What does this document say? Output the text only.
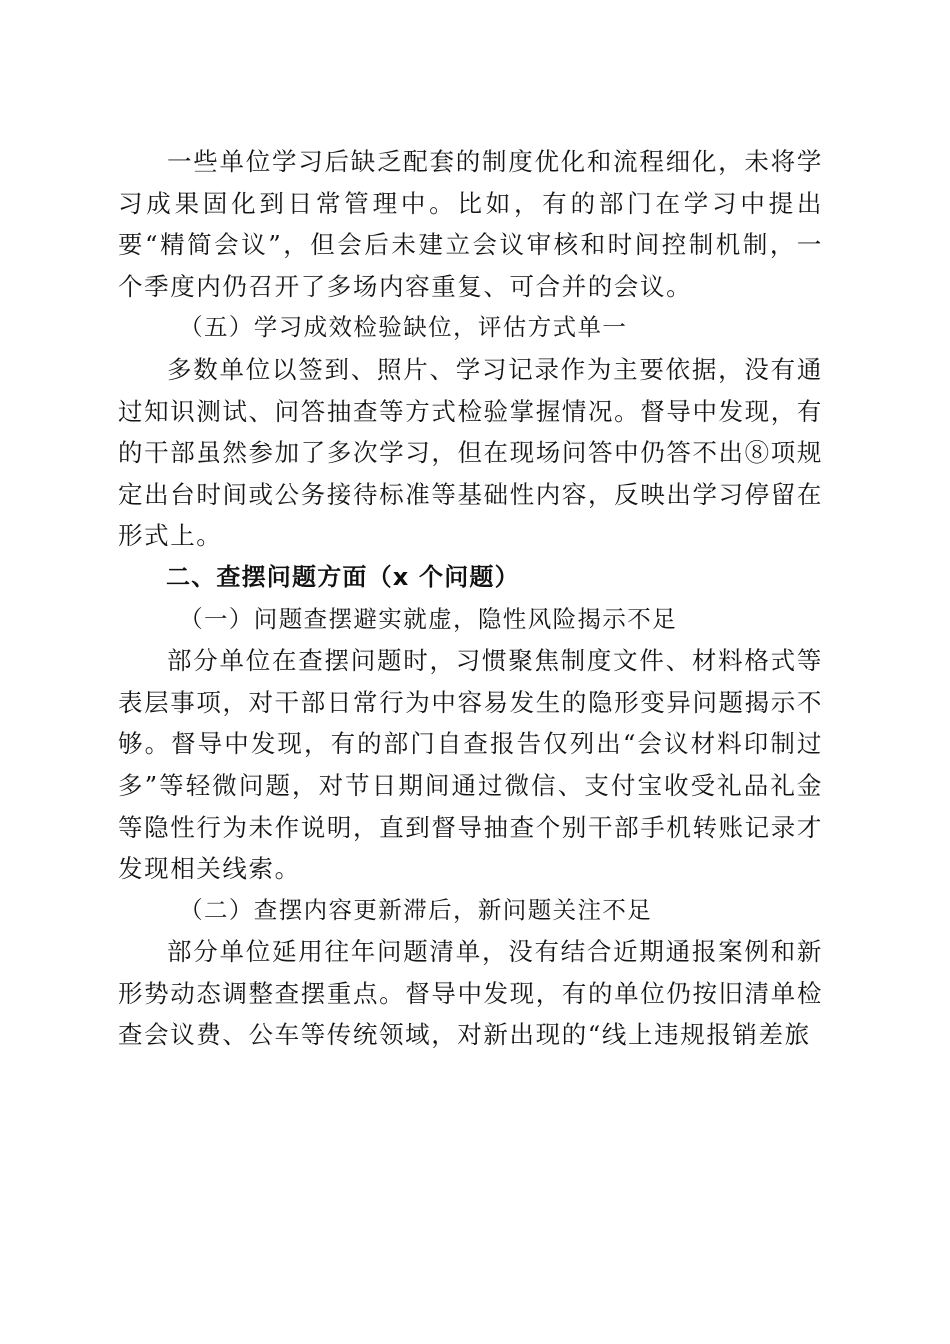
一些单位学习后缺乏配套的制度优化和流程细化，未将学习成果固化到日常管理中。比如，有的部门在学习中提出要“精简会议”，但会后未建立会议审核和时间控制机制，一个季度内仍召开了多场内容重复、可合并的会议。

（五）学习成效检验缺位，评估方式单一

多数单位以签到、照片、学习记录作为主要依据，没有通过知识测试、问答抽查等方式检验掌握情况。督导中发现，有的干部虽然参加了多次学习，但在现场问答中仍答不出⑧项规定出台时间或公务接待标准等基础性内容，反映出学习停留在形式上。

二、查摆问题方面（x 个问题）

（一）问题查摆避实就虚，隐性风险揭示不足

部分单位在查摆问题时，习惯聚焦制度文件、材料格式等表层事项，对干部日常行为中容易发生的隐形变异问题揭示不够。督导中发现，有的部门自查报告仅列出“会议材料印制过多”等轻微问题，对节日期间通过微信、支付宝收受礼品礼金等隐性行为未作说明，直到督导抽查个别干部手机转账记录才发现相关线索。

（二）查摆内容更新滞后，新问题关注不足

部分单位延用往年问题清单，没有结合近期通报案例和新形势动态调整查摆重点。督导中发现，有的单位仍按旧清单检查会议费、公车等传统领域，对新出现的“线上违规报销差旅
